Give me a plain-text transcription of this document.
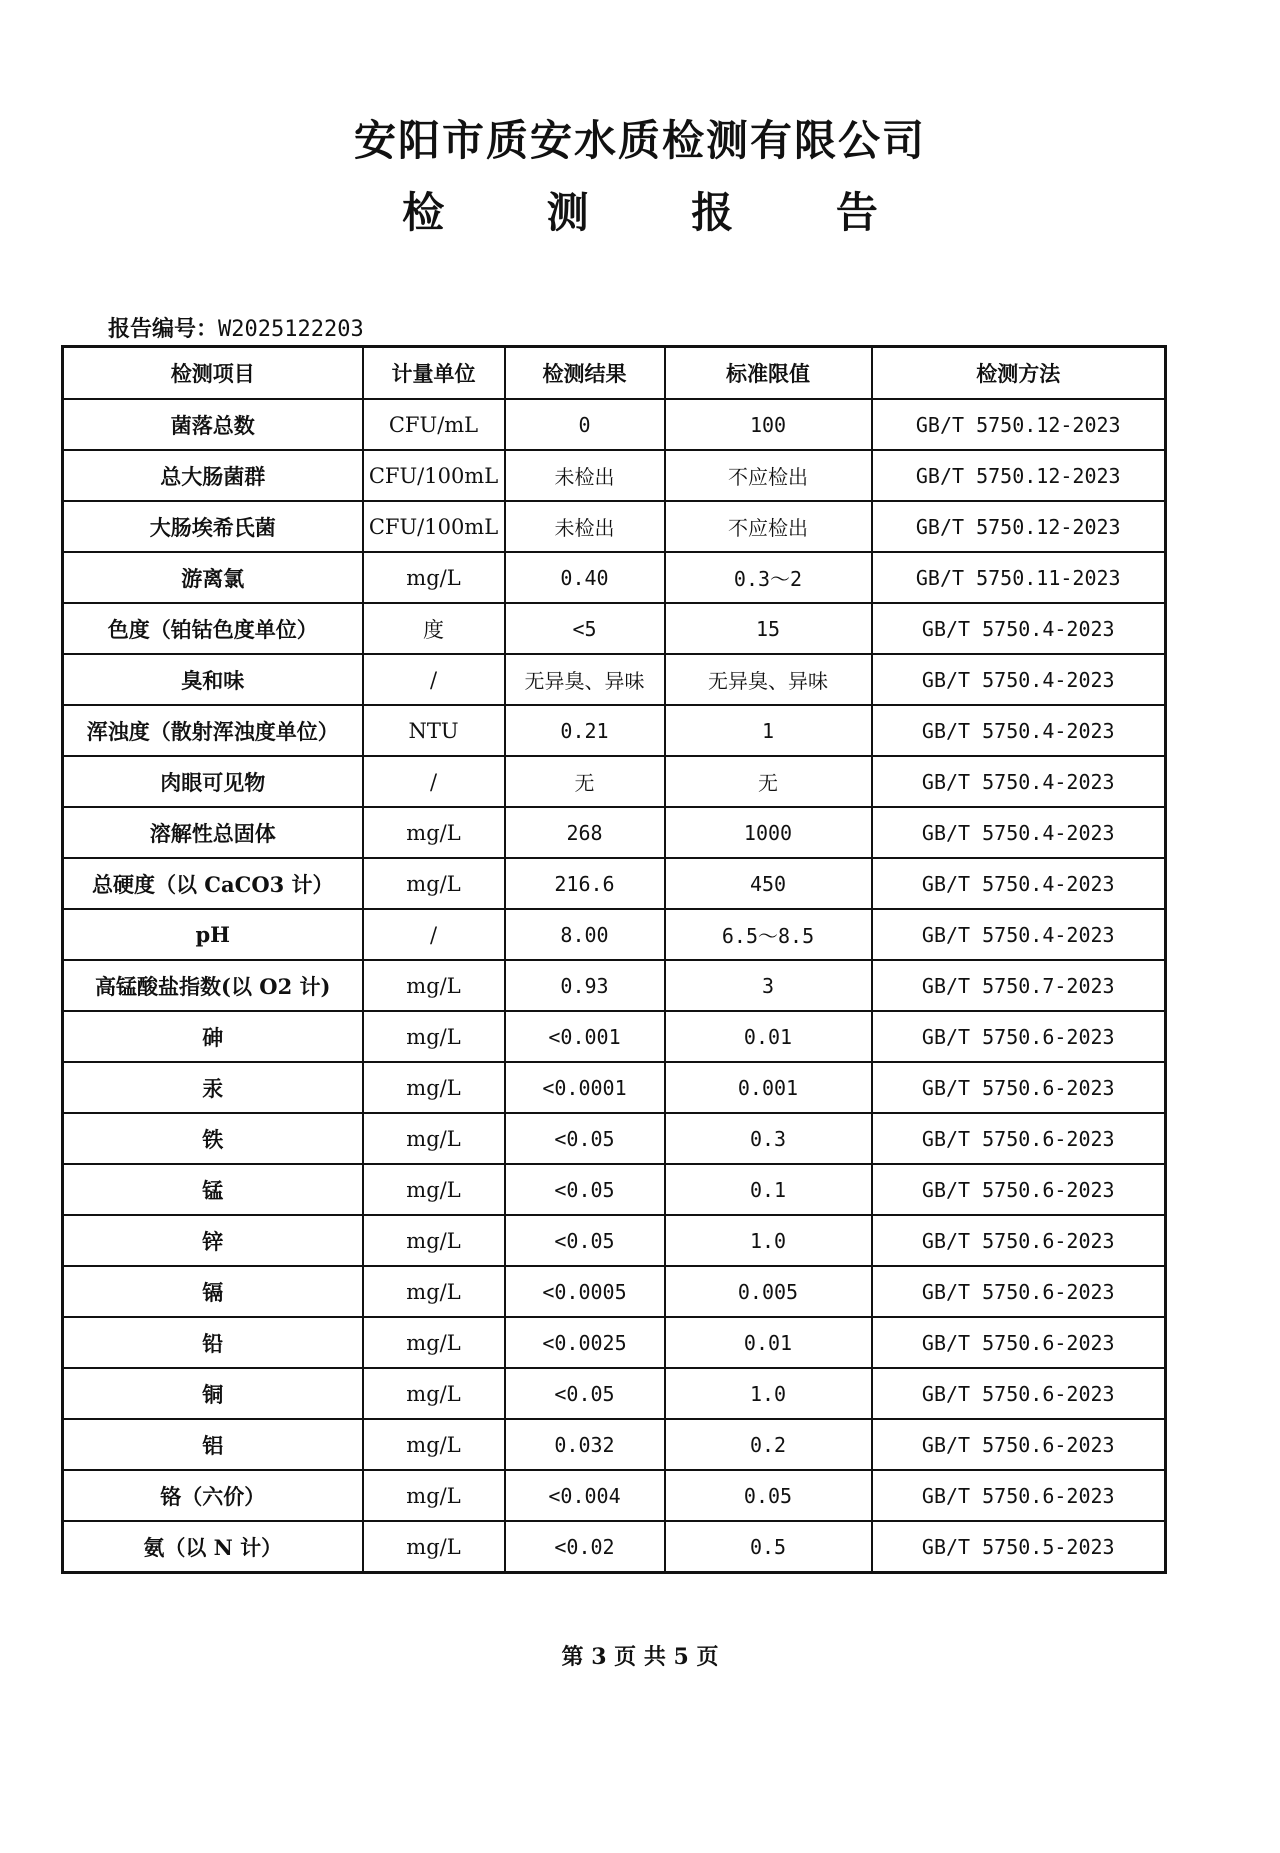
安阳市质安水质检测有限公司
检 测 报 告
报告编号：W2025122203
检测项目	计量单位	检测结果	标准限值	检测方法
菌落总数	CFU/mL	0	100	GB/T 5750.12-2023
总大肠菌群	CFU/100mL	未检出	不应检出	GB/T 5750.12-2023
大肠埃希氏菌	CFU/100mL	未检出	不应检出	GB/T 5750.12-2023
游离氯	mg/L	0.40	0.3～2	GB/T 5750.11-2023
色度（铂钴色度单位）	度	<5	15	GB/T 5750.4-2023
臭和味	/	无异臭、异味	无异臭、异味	GB/T 5750.4-2023
浑浊度（散射浑浊度单位）	NTU	0.21	1	GB/T 5750.4-2023
肉眼可见物	/	无	无	GB/T 5750.4-2023
溶解性总固体	mg/L	268	1000	GB/T 5750.4-2023
总硬度（以 CaCO3 计）	mg/L	216.6	450	GB/T 5750.4-2023
pH	/	8.00	6.5～8.5	GB/T 5750.4-2023
高锰酸盐指数(以 O2 计)	mg/L	0.93	3	GB/T 5750.7-2023
砷	mg/L	<0.001	0.01	GB/T 5750.6-2023
汞	mg/L	<0.0001	0.001	GB/T 5750.6-2023
铁	mg/L	<0.05	0.3	GB/T 5750.6-2023
锰	mg/L	<0.05	0.1	GB/T 5750.6-2023
锌	mg/L	<0.05	1.0	GB/T 5750.6-2023
镉	mg/L	<0.0005	0.005	GB/T 5750.6-2023
铅	mg/L	<0.0025	0.01	GB/T 5750.6-2023
铜	mg/L	<0.05	1.0	GB/T 5750.6-2023
铝	mg/L	0.032	0.2	GB/T 5750.6-2023
铬（六价）	mg/L	<0.004	0.05	GB/T 5750.6-2023
氨（以 N 计）	mg/L	<0.02	0.5	GB/T 5750.5-2023
第 3 页 共 5 页
